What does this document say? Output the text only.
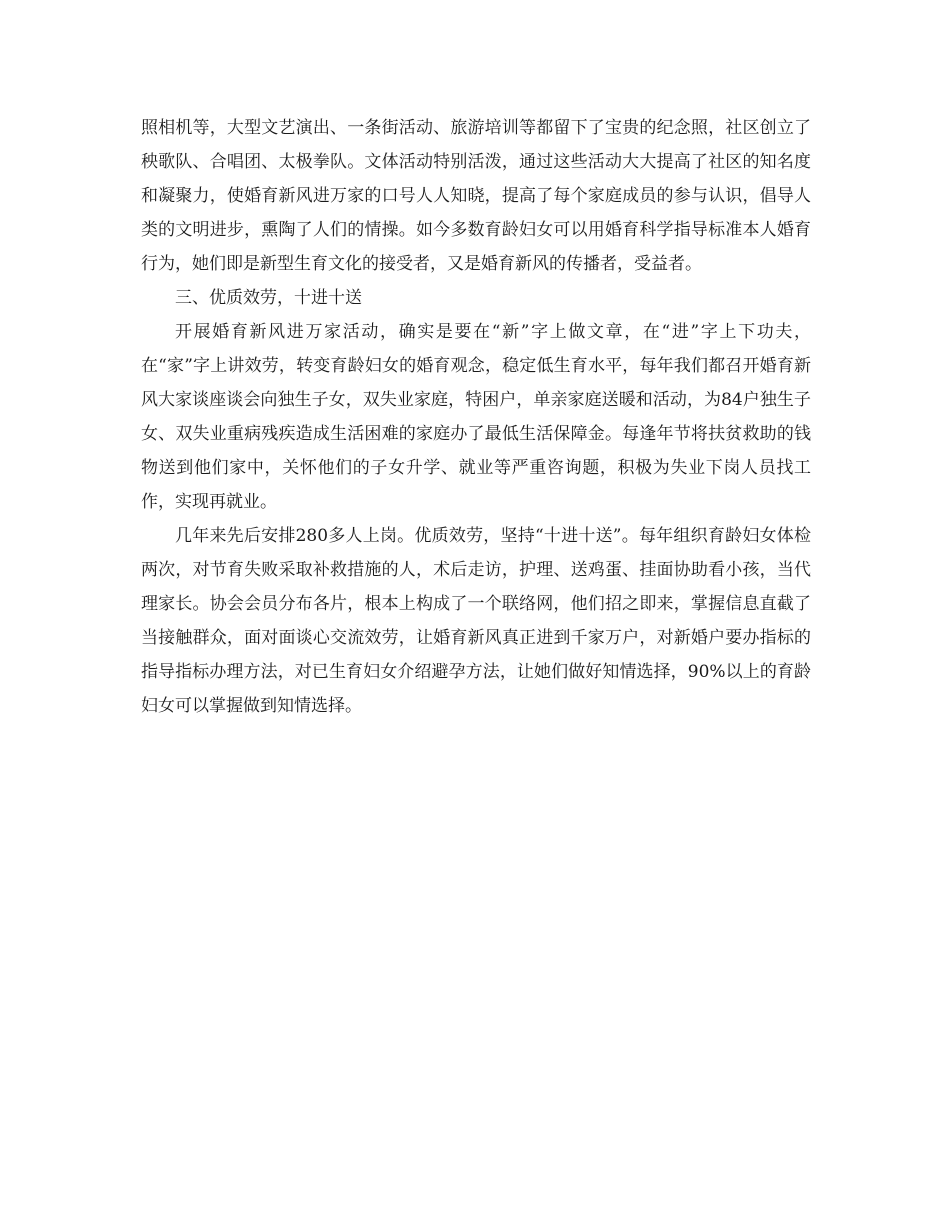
照相机等，大型文艺演出、一条街活动、旅游培训等都留下了宝贵的纪念照，社区创立了秧歌队、合唱团、太极拳队。文体活动特别活泼，通过这些活动大大提高了社区的知名度和凝聚力，使婚育新风进万家的口号人人知晓，提高了每个家庭成员的参与认识，倡导人类的文明进步，熏陶了人们的情操。如今多数育龄妇女可以用婚育科学指导标准本人婚育行为，她们即是新型生育文化的接受者，又是婚育新风的传播者，受益者。

三、优质效劳，十进十送

开展婚育新风进万家活动，确实是要在“新”字上做文章，在“进”字上下功夫，在“家”字上讲效劳，转变育龄妇女的婚育观念，稳定低生育水平，每年我们都召开婚育新风大家谈座谈会向独生子女，双失业家庭，特困户，单亲家庭送暖和活动，为84户独生子女、双失业重病残疾造成生活困难的家庭办了最低生活保障金。每逢年节将扶贫救助的钱物送到他们家中，关怀他们的子女升学、就业等严重咨询题，积极为失业下岗人员找工作，实现再就业。

几年来先后安排280多人上岗。优质效劳，坚持“十进十送”。每年组织育龄妇女体检两次，对节育失败采取补救措施的人，术后走访，护理、送鸡蛋、挂面协助看小孩，当代理家长。协会会员分布各片，根本上构成了一个联络网，他们招之即来，掌握信息直截了当接触群众，面对面谈心交流效劳，让婚育新风真正进到千家万户，对新婚户要办指标的指导指标办理方法，对已生育妇女介绍避孕方法，让她们做好知情选择，90%以上的育龄妇女可以掌握做到知情选择。
